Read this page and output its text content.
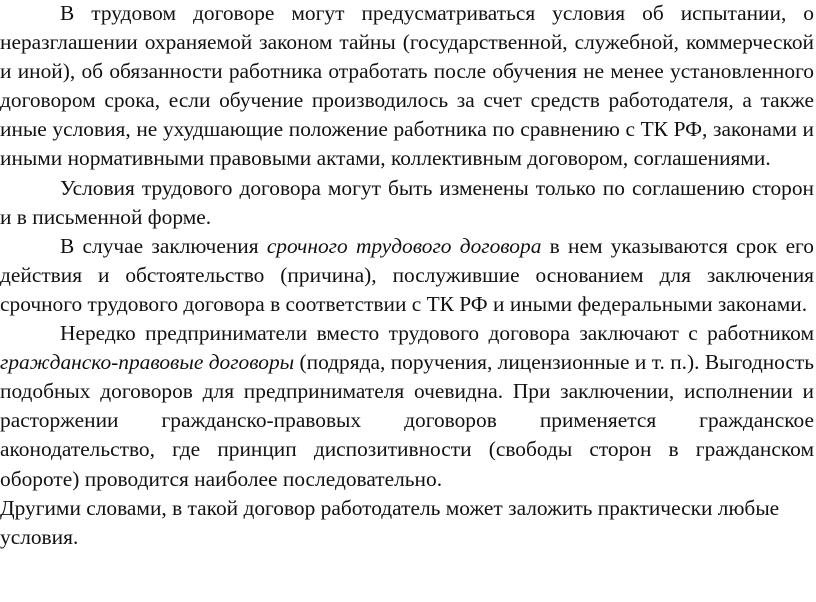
В трудовом договоре могут предусматриваться условия об испытании, о неразглашении охраняемой законом тайны (государственной, служебной, коммерческой и иной), об обязанности работника отработать после обучения не менее установленного договором срока, если обучение производилось за счет средств работодателя, а также иные условия, не ухудшающие положение работника по сравнению с ТК РФ, законами и иными нормативными правовыми актами, коллективным договором, соглашениями.

Условия трудового договора могут быть изменены только по соглашению сторон и в письменной форме.

В случае заключения срочного трудового договора в нем указываются срок его действия и обстоятельство (причина), послужившие основанием для заключения срочного трудового договора в соответствии с ТК РФ и иными федеральными законами.

Нередко предприниматели вместо трудового договора заключают с работником гражданско-правовые договоры (подряда, поручения, лицензионные и т. п.). Выгодность подобных договоров для предпринимателя очевидна. При заключении, исполнении и расторжении гражданско-правовых договоров применяется гражданское аконодательство, где принцип диспозитивности (свободы сторон в гражданском обороте) проводится наиболее последовательно.

Другими словами, в такой договор работодатель может заложить практически любые условия.
